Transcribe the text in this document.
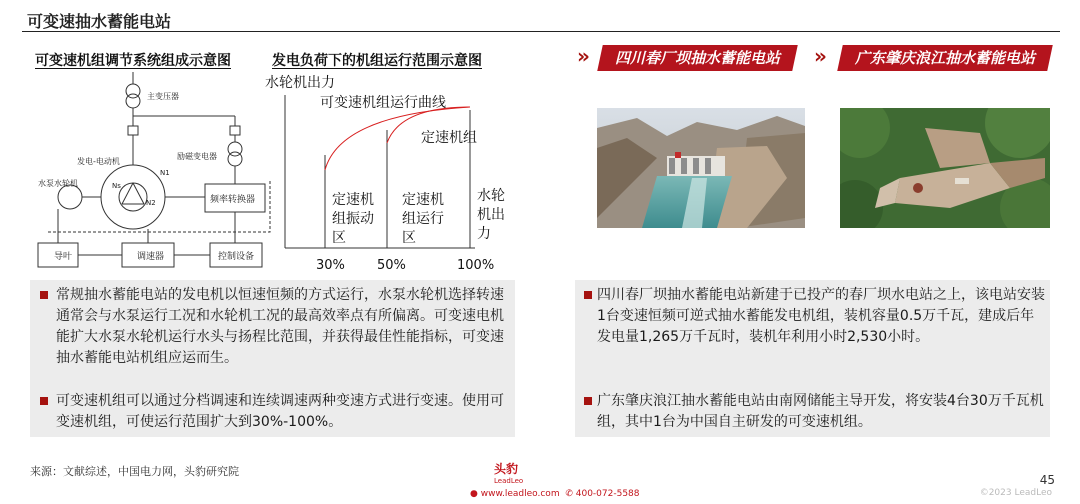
可变速抽水蓄能电站
可变速机组调节系统组成示意图	发电负荷下的机组运行范围示意图
主变压器
励磁变电器
发电-电动机
水泵水轮机
频率转换器
导叶	调速器	控制设备
N1
Ns
N2
水轮机出力
可变速机组运行曲线
定速机组
定速机
组振动
区
定速机
组运行
区
水轮
机出
力
30% 50%	100%
常规抽水蓄能电站的发电机以恒速恒频的方式运行，水泵水轮机选择转速通常会与水泵运行工况和水轮机工况的最高效率点有所偏离。可变速电机能扩大水泵水轮机运行水头与扬程比范围，并获得最佳性能指标，可变速抽水蓄能电站机组应运而生。
可变速机组可以通过分档调速和连续调速两种变速方式进行变速。使用可变速机组，可使运行范围扩大到30%-100%。
»	四川春厂坝抽水蓄能电站	»	广东肇庆浪江抽水蓄能电站
四川春厂坝抽水蓄能电站新建于已投产的春厂坝水电站之上，该电站安装1台变速恒频可逆式抽水蓄能发电机组，装机容量0.5万千瓦，建成后年发电量1,265万千瓦时，装机年利用小时2,530小时。
广东肇庆浪江抽水蓄能电站由南网储能主导开发，将安装4台30万千瓦机组，其中1台为中国自主研发的可变速机组。
来源：文献综述，中国电力网，头豹研究院	头豹
LeadLeo
● www.leadleo.com  ✆ 400-072-5588
45
©2023 LeadLeo
